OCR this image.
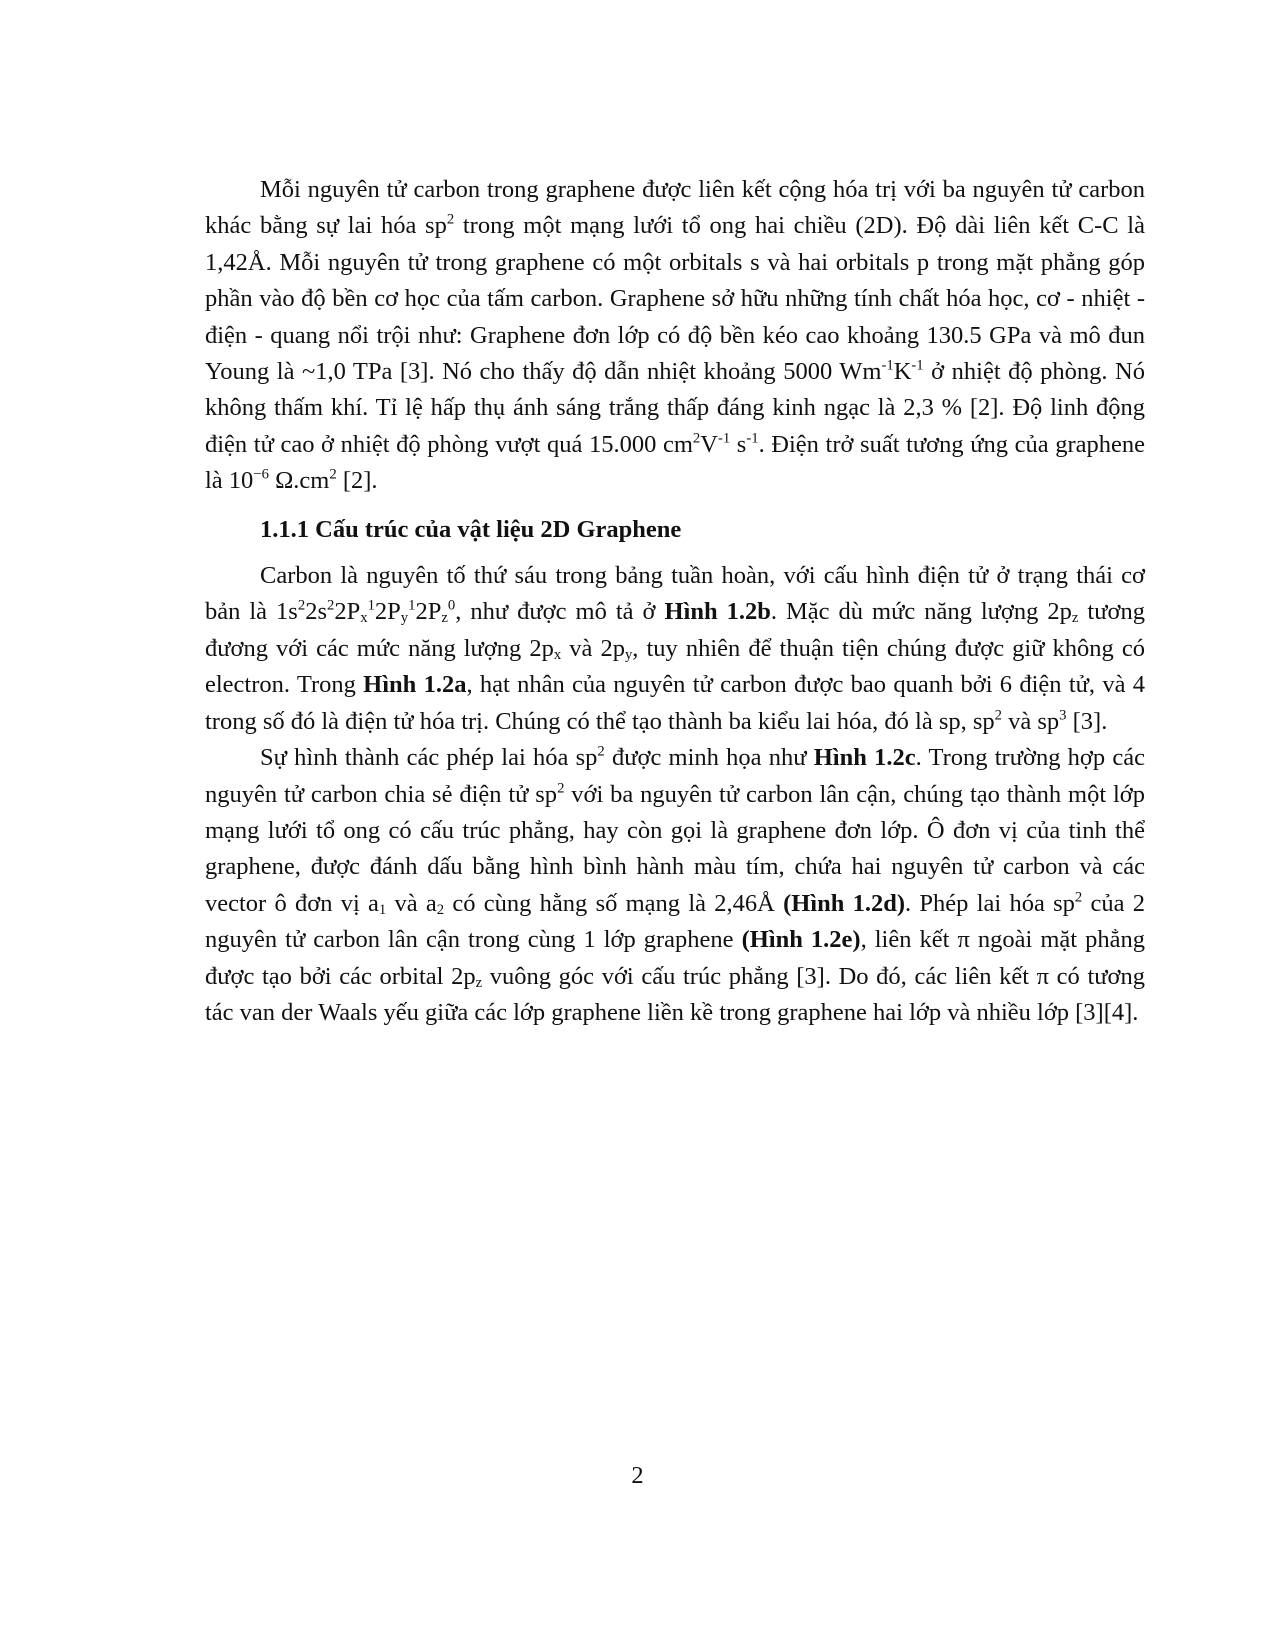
Mỗi nguyên tử carbon trong graphene được liên kết cộng hóa trị với ba nguyên tử carbon khác bằng sự lai hóa $sp^2$ trong một mạng lưới tổ ong hai chiều (2D). Độ dài liên kết C-C là 1,42Å. Mỗi nguyên tử trong graphene có một orbitals s và hai orbitals p trong mặt phẳng góp phần vào độ bền cơ học của tấm carbon. Graphene sở hữu những tính chất hóa học, cơ - nhiệt - điện - quang nổi trội như: Graphene đơn lớp có độ bền kéo cao khoảng 130.5 GPa và mô đun Young là ~1,0 TPa [3]. Nó cho thấy độ dẫn nhiệt khoảng 5000 $Wm^{-1}K^{-1}$ ở nhiệt độ phòng. Nó không thấm khí. Tỉ lệ hấp thụ ánh sáng trắng thấp đáng kinh ngạc là 2,3 % [2]. Độ linh động điện tử cao ở nhiệt độ phòng vượt quá 15.000 $cm^2V^{-1}$ $s^{-1}$. Điện trở suất tương ứng của graphene là $10^{-6}$ $\Omega.cm^2$ [2].

1.1.1 Cấu trúc của vật liệu 2D Graphene

Carbon là nguyên tố thứ sáu trong bảng tuần hoàn, với cấu hình điện tử ở trạng thái cơ bản là $1s^22s^22P_x^12P_y^12P_z^0$, như được mô tả ở Hình 1.2b. Mặc dù mức năng lượng $2p_z$ tương đương với các mức năng lượng $2p_x$ và $2p_y$, tuy nhiên để thuận tiện chúng được giữ không có electron. Trong Hình 1.2a, hạt nhân của nguyên tử carbon được bao quanh bởi 6 điện tử, và 4 trong số đó là điện tử hóa trị. Chúng có thể tạo thành ba kiểu lai hóa, đó là sp, $sp^2$ và $sp^3$ [3].

Sự hình thành các phép lai hóa $sp^2$ được minh họa như Hình 1.2c. Trong trường hợp các nguyên tử carbon chia sẻ điện tử $sp^2$ với ba nguyên tử carbon lân cận, chúng tạo thành một lớp mạng lưới tổ ong có cấu trúc phẳng, hay còn gọi là graphene đơn lớp. Ô đơn vị của tinh thể graphene, được đánh dấu bằng hình bình hành màu tím, chứa hai nguyên tử carbon và các vector ô đơn vị $a_1$ và $a_2$ có cùng hằng số mạng là 2,46Å (Hình 1.2d). Phép lai hóa $sp^2$ của 2 nguyên tử carbon lân cận trong cùng 1 lớp graphene (Hình 1.2e), liên kết π ngoài mặt phẳng được tạo bởi các orbital $2p_z$ vuông góc với cấu trúc phẳng [3]. Do đó, các liên kết π có tương tác van der Waals yếu giữa các lớp graphene liền kề trong graphene hai lớp và nhiều lớp [3][4].

2
